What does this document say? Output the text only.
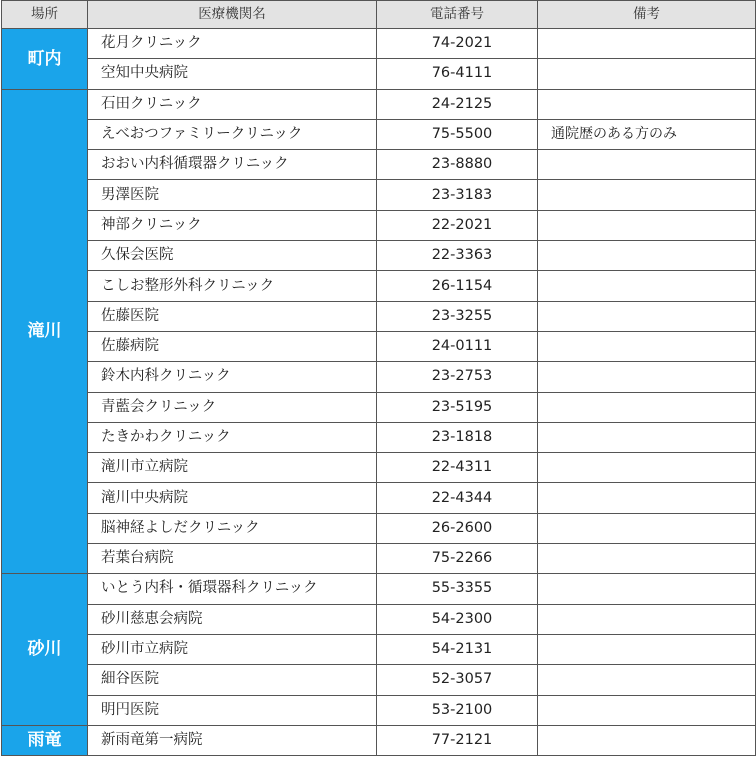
場所	医療機関名	電話番号	備考
町内	花月クリニック	74-2021	
	空知中央病院	76-4111	
滝川	石田クリニック	24-2125	
	えべおつファミリークリニック	75-5500	通院歴のある方のみ
	おおい内科循環器クリニック	23-8880	
	男澤医院	23-3183	
	神部クリニック	22-2021	
	久保会医院	22-3363	
	こしお整形外科クリニック	26-1154	
	佐藤医院	23-3255	
	佐藤病院	24-0111	
	鈴木内科クリニック	23-2753	
	青藍会クリニック	23-5195	
	たきかわクリニック	23-1818	
	滝川市立病院	22-4311	
	滝川中央病院	22-4344	
	脳神経よしだクリニック	26-2600	
	若葉台病院	75-2266	
砂川	いとう内科・循環器科クリニック	55-3355	
	砂川慈恵会病院	54-2300	
	砂川市立病院	54-2131	
	細谷医院	52-3057	
	明円医院	53-2100	
雨竜	新雨竜第一病院	77-2121	
